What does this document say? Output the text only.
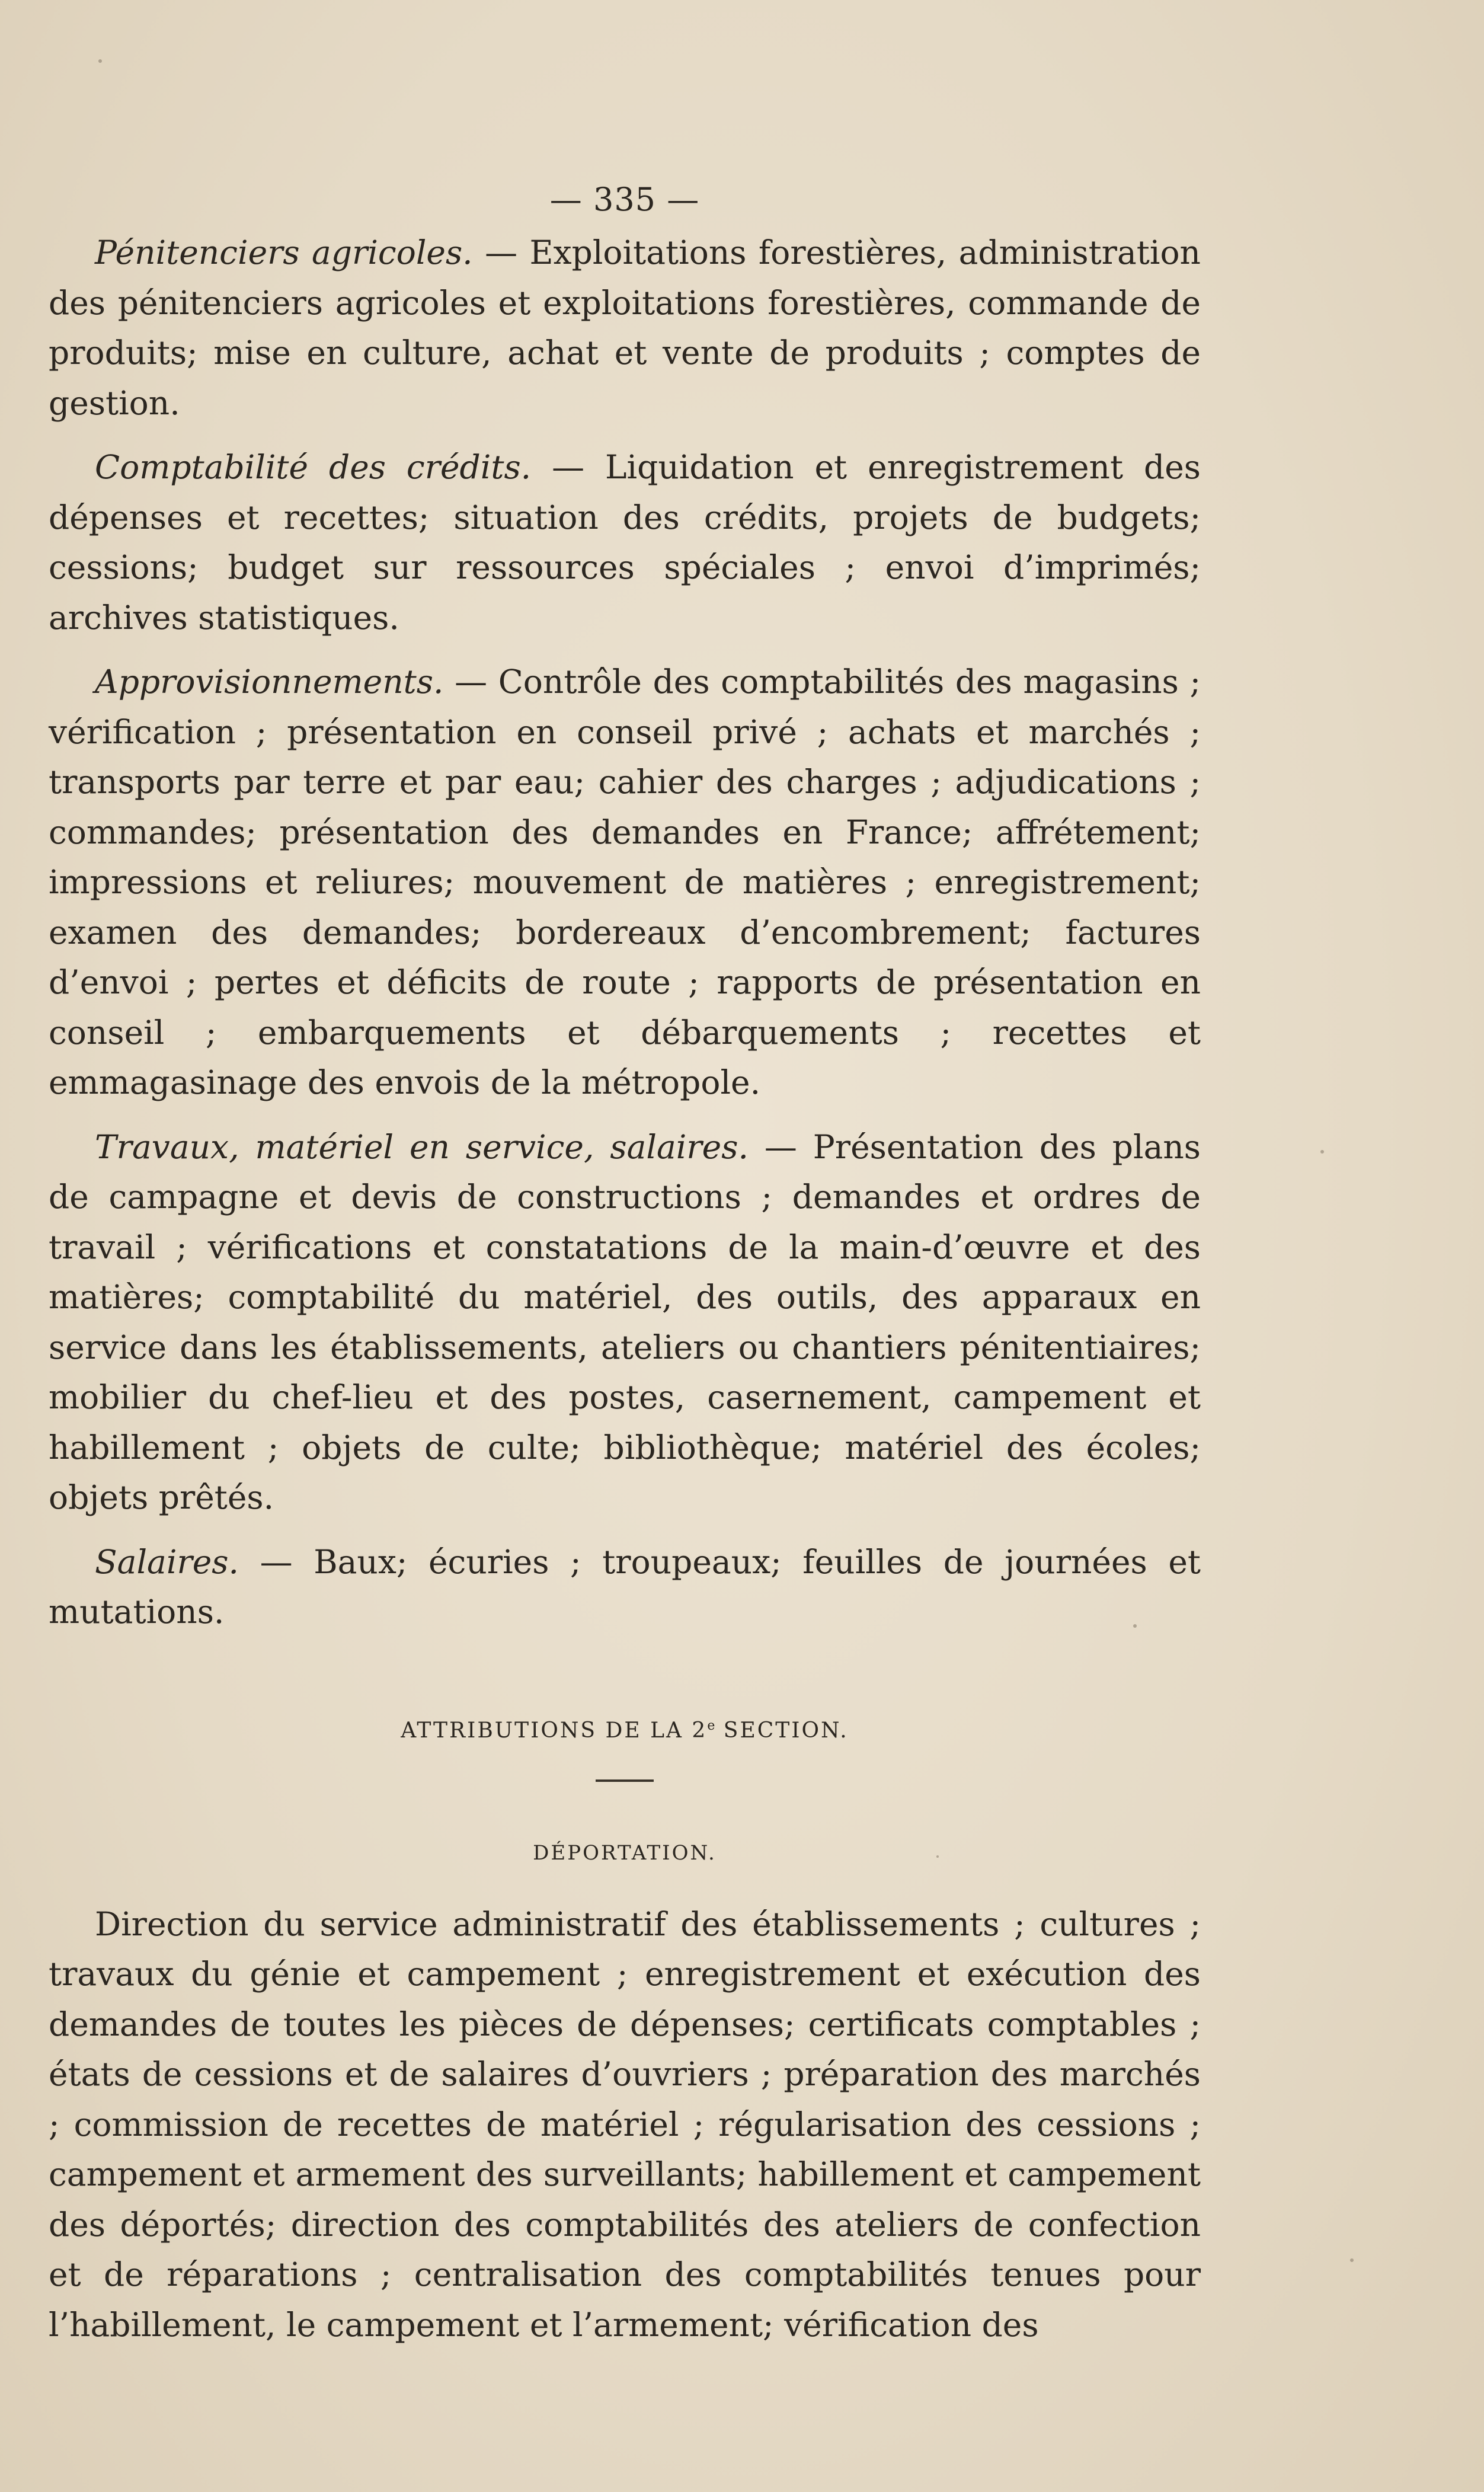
— 335 —

Pénitenciers agricoles. — Exploitations forestières, administration des pénitenciers agricoles et exploitations forestières, commande de produits; mise en culture, achat et vente de produits ; comptes de gestion.

Comptabilité des crédits. — Liquidation et enregistrement des dépenses et recettes; situation des crédits, projets de budgets; cessions; budget sur ressources spéciales ; envoi d’imprimés; archives statistiques.

Approvisionnements. — Contrôle des comptabilités des magasins ; vérification ; présentation en conseil privé ; achats et marchés ; transports par terre et par eau; cahier des charges ; adjudications ; commandes; présentation des demandes en France; affrétement; impressions et reliures; mouvement de matières ; enregistrement; examen des demandes; bordereaux d’encombrement; factures d’envoi ; pertes et déficits de route ; rapports de présentation en conseil ; embarquements et débarquements ; recettes et emmagasinage des envois de la métropole.

Travaux, matériel en service, salaires. — Présentation des plans de campagne et devis de constructions ; demandes et ordres de travail ; vérifications et constatations de la main-d’œuvre et des matières; comptabilité du matériel, des outils, des apparaux en service dans les établissements, ateliers ou chantiers pénitentiaires; mobilier du chef-lieu et des postes, casernement, campement et habillement ; objets de culte; bibliothèque; matériel des écoles; objets prêtés.

Salaires. — Baux; écuries ; troupeaux; feuilles de journées et mutations.

ATTRIBUTIONS DE LA 2e SECTION.
DÉPORTATION.

Direction du service administratif des établissements ; cultures ; travaux du génie et campement ; enregistrement et exécution des demandes de toutes les pièces de dépenses; certificats comptables ; états de cessions et de salaires d’ouvriers ; préparation des marchés ; commission de recettes de matériel ; régularisation des cessions ; campement et armement des surveillants; habillement et campement des déportés; direction des comptabilités des ateliers de confection et de réparations ; centralisation des comptabilités tenues pour l’habillement, le campement et l’armement; vérification des
